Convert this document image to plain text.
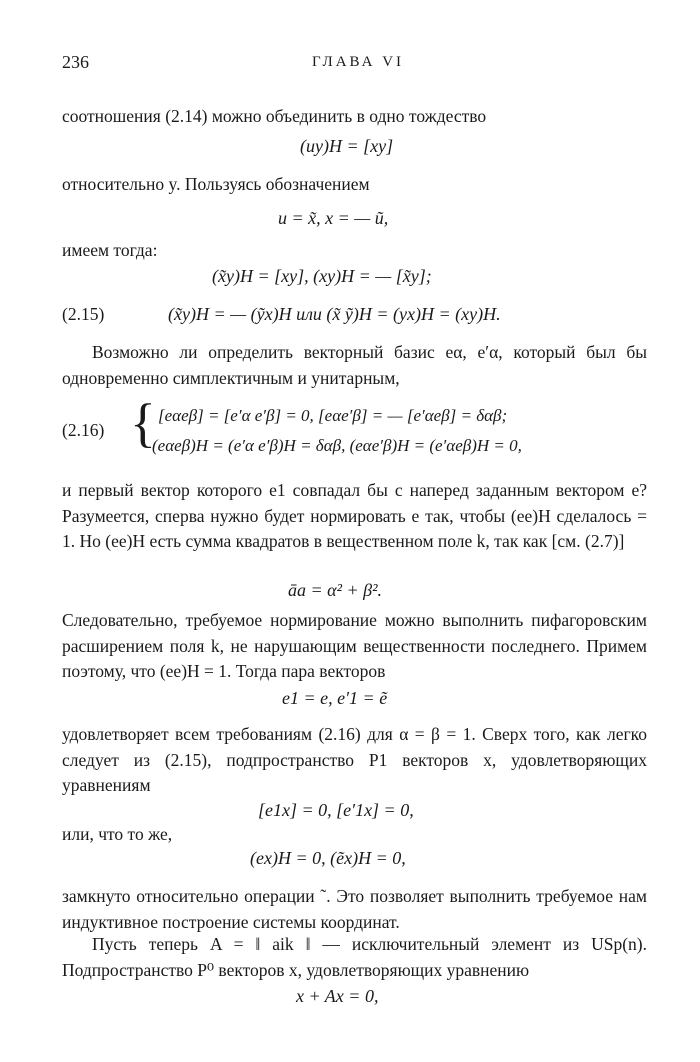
236	ГЛАВА VI
соотношения (2.14) можно объединить в одно тождество
(uy)H = [xy]
относительно y. Пользуясь обозначением
u = x̃, x = — ũ,
имеем тогда:
(x̃y)H = [xy], (xy)H = — [x̃y];
(2.15)	(x̃y)H = — (ỹx)H или (x̃ ỹ)H = (yx)H = (xy)H.
Возможно ли определить векторный базис eα, e′α, который был бы одновременно симплектичным и унитарным,
(2.16) { [eαeβ] = [e′α e′β] = 0, [eαe′β] = — [e′αeβ] = δαβ;
(eαeβ)H = (e′α e′β)H = δαβ, (eαe′β)H = (e′αeβ)H = 0,
и первый вектор которого e1 совпадал бы с наперед заданным вектором e? Разумеется, сперва нужно будет нормировать e так, чтобы (ee)H сделалось = 1. Но (ee)H есть сумма квадратов в вещественном поле k, так как [см. (2.7)]
āa = α² + β².
Следовательно, требуемое нормирование можно выполнить пифагоровским расширением поля k, не нарушающим вещественности последнего. Примем поэтому, что (ee)H = 1. Тогда пара векторов
e1 = e, e′1 = ẽ
удовлетворяет всем требованиям (2.16) для α = β = 1. Сверх того, как легко следует из (2.15), подпространство P1 векторов x, удовлетворяющих уравнениям
[e1x] = 0, [e′1x] = 0,
или, что то же,
(ex)H = 0, (ẽx)H = 0,
замкнуто относительно операции ˜. Это позволяет выполнить требуемое нам индуктивное построение системы координат.
Пусть теперь A = ‖ aik ‖ — исключительный элемент из USp(n). Подпространство P⁰ векторов x, удовлетворяющих уравнению
x + Ax = 0,
